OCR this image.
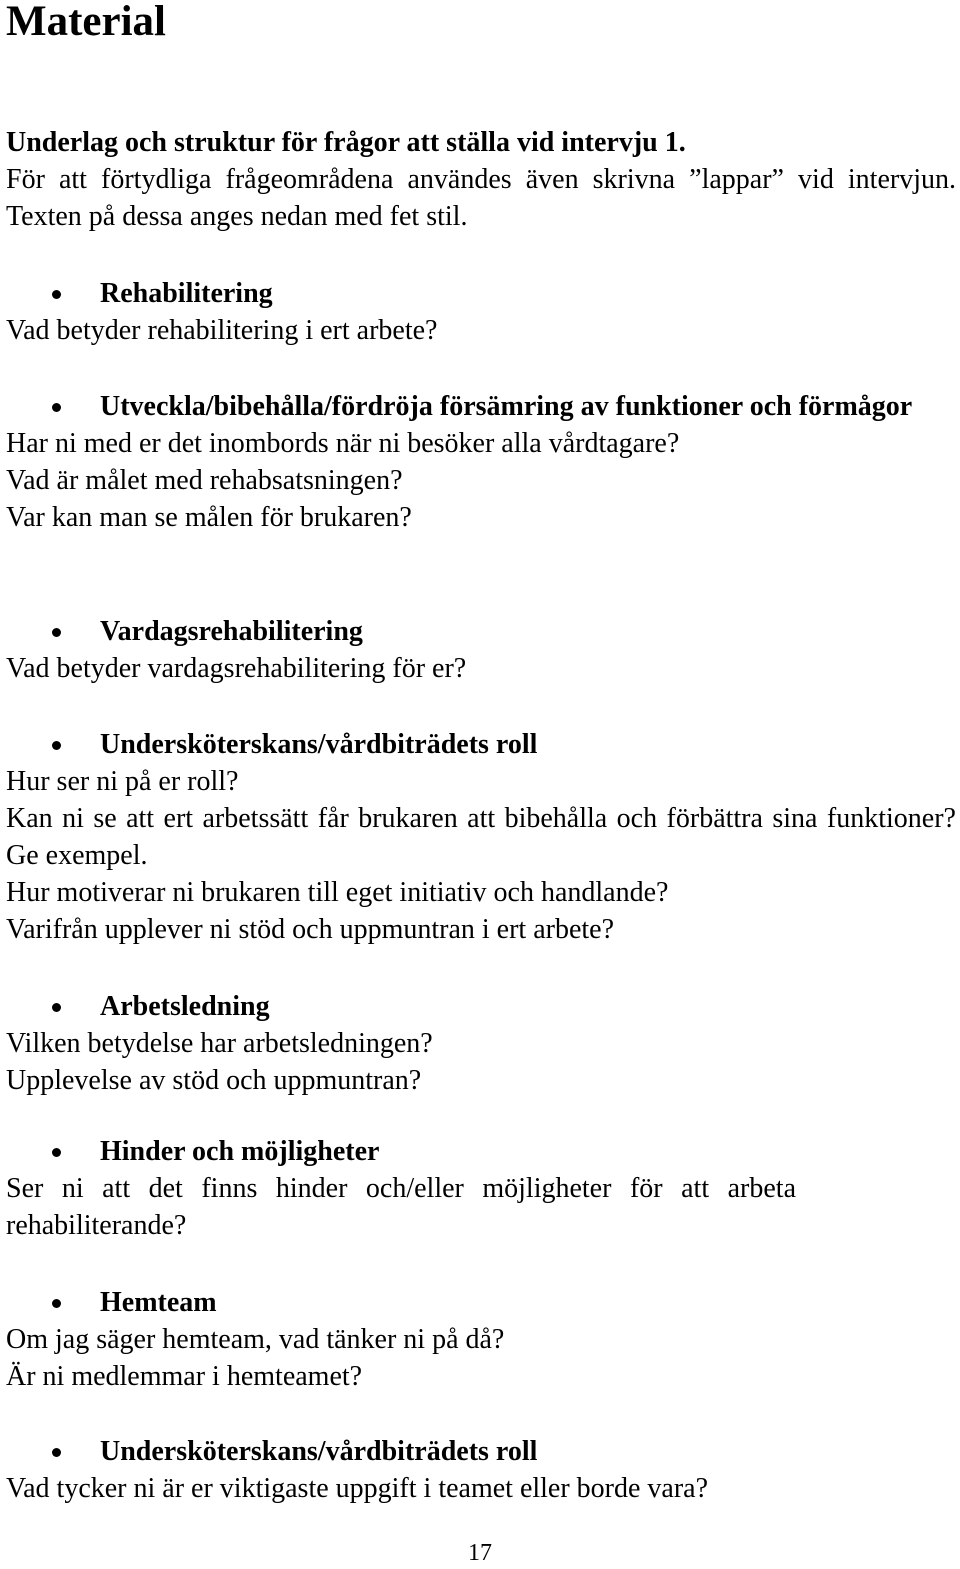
Material
Underlag och struktur för frågor att ställa vid intervju 1.
För att förtydliga frågeområdena användes även skrivna ”lappar” vid intervjun. Texten på dessa anges nedan med fet stil.
Rehabilitering
Vad betyder rehabilitering i ert arbete?
Utveckla/bibehålla/fördröja försämring av funktioner och förmågor
Har ni med er det inombords när ni besöker alla vårdtagare?
Vad är målet med rehabsatsningen?
Var kan man se målen för brukaren?
Vardagsrehabilitering
Vad betyder vardagsrehabilitering för er?
Undersköterskans/vårdbiträdets roll
Hur ser ni på er roll?
Kan ni se att ert arbetssätt får brukaren att bibehålla och förbättra sina funktioner? Ge exempel.
Hur motiverar ni brukaren till eget initiativ och handlande?
Varifrån upplever ni stöd och uppmuntran i ert arbete?
Arbetsledning
Vilken betydelse har arbetsledningen?
Upplevelse av stöd och uppmuntran?
Hinder och möjligheter
Ser ni att det finns hinder och/eller möjligheter för att arbeta rehabiliterande?
Hemteam
Om jag säger hemteam, vad tänker ni på då?
Är ni medlemmar i hemteamet?
Undersköterskans/vårdbiträdets roll
Vad tycker ni är er viktigaste uppgift i teamet eller borde vara?
17
